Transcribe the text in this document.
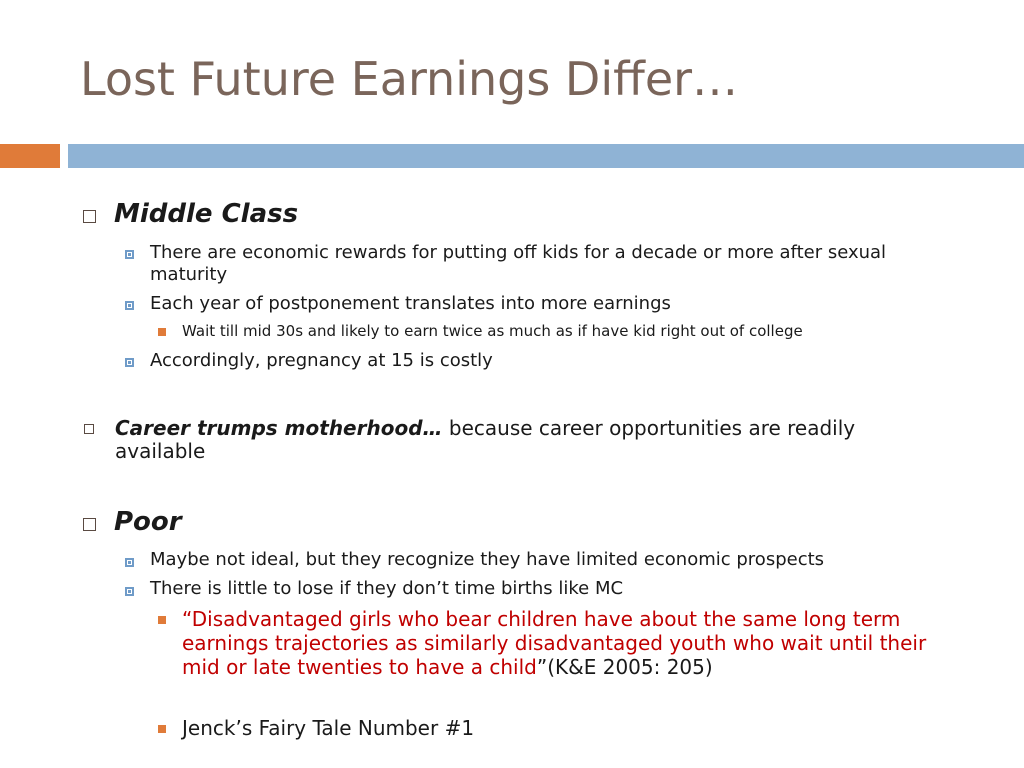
Lost Future Earnings Differ…
Middle Class
There are economic rewards for putting off kids for a decade or more after sexual
maturity
Each year of postponement translates into more earnings
Wait till mid 30s and likely to earn twice as much as if have kid right out of college
Accordingly, pregnancy at 15 is costly
Career trumps motherhood… because career opportunities are readily
available
Poor
Maybe not ideal, but they recognize they have limited economic prospects
There is little to lose if they don’t time births like MC
“Disadvantaged girls who bear children have about the same long term
earnings trajectories as similarly disadvantaged youth who wait until their
mid or late twenties to have a child”(K&E 2005: 205)
Jenck’s Fairy Tale Number #1
